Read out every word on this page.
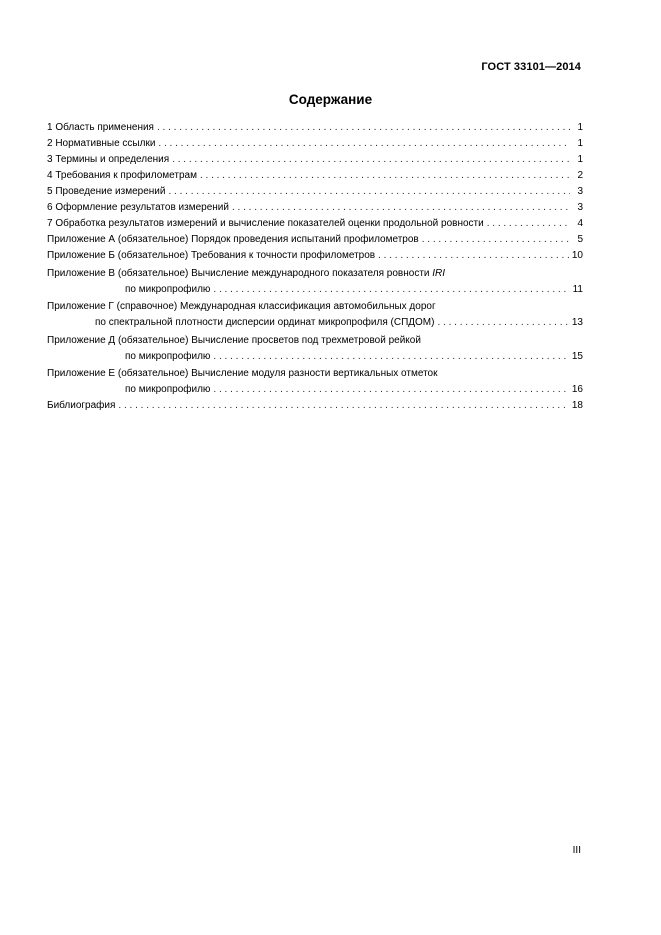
ГОСТ 33101—2014
Содержание
1 Область применения . . .	1
2 Нормативные ссылки . . .	1
3 Термины и определения . . .	1
4 Требования к профилометрам . . .	2
5 Проведение измерений . . .	3
6 Оформление результатов измерений . . .	3
7 Обработка результатов измерений и вычисление показателей оценки продольной ровности . . .	4
Приложение А (обязательное) Порядок проведения испытаний профилометров . . .	5
Приложение Б (обязательное) Требования к точности профилометров . . .	10
Приложение В (обязательное) Вычисление международного показателя ровности IRI
по микропрофилю . . .	11
Приложение Г (справочное) Международная классификация автомобильных дорог
по спектральной плотности дисперсии ординат микропрофиля (СПДОМ) . . .	13
Приложение Д (обязательное) Вычисление просветов под трехметровой рейкой
по микропрофилю . . .	15
Приложение Е (обязательное) Вычисление модуля разности вертикальных отметок
по микропрофилю . . .	16
Библиография . . .	18
III
